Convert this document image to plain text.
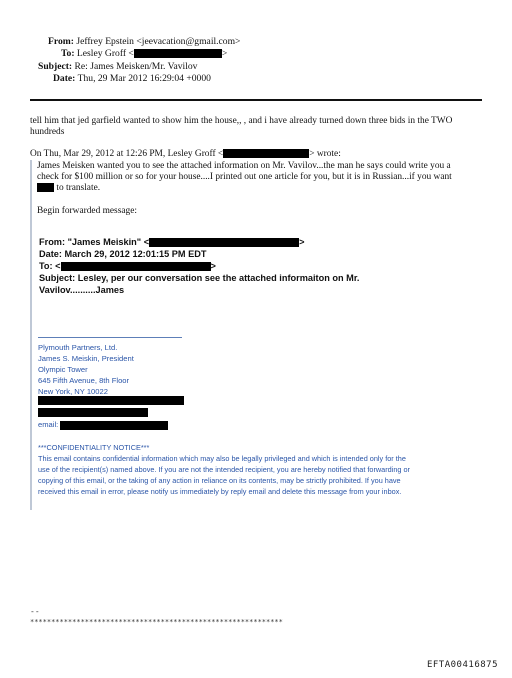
From: Jeffrey Epstein <jeevacation@gmail.com>
To: Lesley Groff <	>
Subject: Re: James Meisken/Mr. Vavilov
Date: Thu, 29 Mar 2012 16:29:04 +0000
tell him that jed garfield wanted to show him the house,, , and i have already turned down three bids in the TWO
hundreds
On Thu, Mar 29, 2012 at 12:26 PM, Lesley Groff <	> wrote:
James Meisken wanted you to see the attached information on Mr. Vavilov...the man he says could write you a
check for $100 million or so for your house....I printed out one article for you, but it is in Russian...if you want
to translate.
Begin forwarded message:
From: "James Meiskin" <	>
Date: March 29, 2012 12:01:15 PM EDT
To: <	>
Subject: Lesley, per our conversation see the attached informaiton on Mr.
Vavilov..........James
Plymouth Partners, Ltd.
James S. Meiskin, President
Olympic Tower
645 Fifth Avenue, 8th Floor
New York, NY 10022
email:
***CONFIDENTIALITY NOTICE***
This email contains confidential information which may also be legally privileged and which is intended only for the
use of the recipient(s) named above. If you are not the intended recipient, you are hereby notified that forwarding or
copying of this email, or the taking of any action in reliance on its contents, may be strictly prohibited. If you have
received this email in error, please notify us immediately by reply email and delete this message from your inbox.
--
************************************************************
EFTA00416875
